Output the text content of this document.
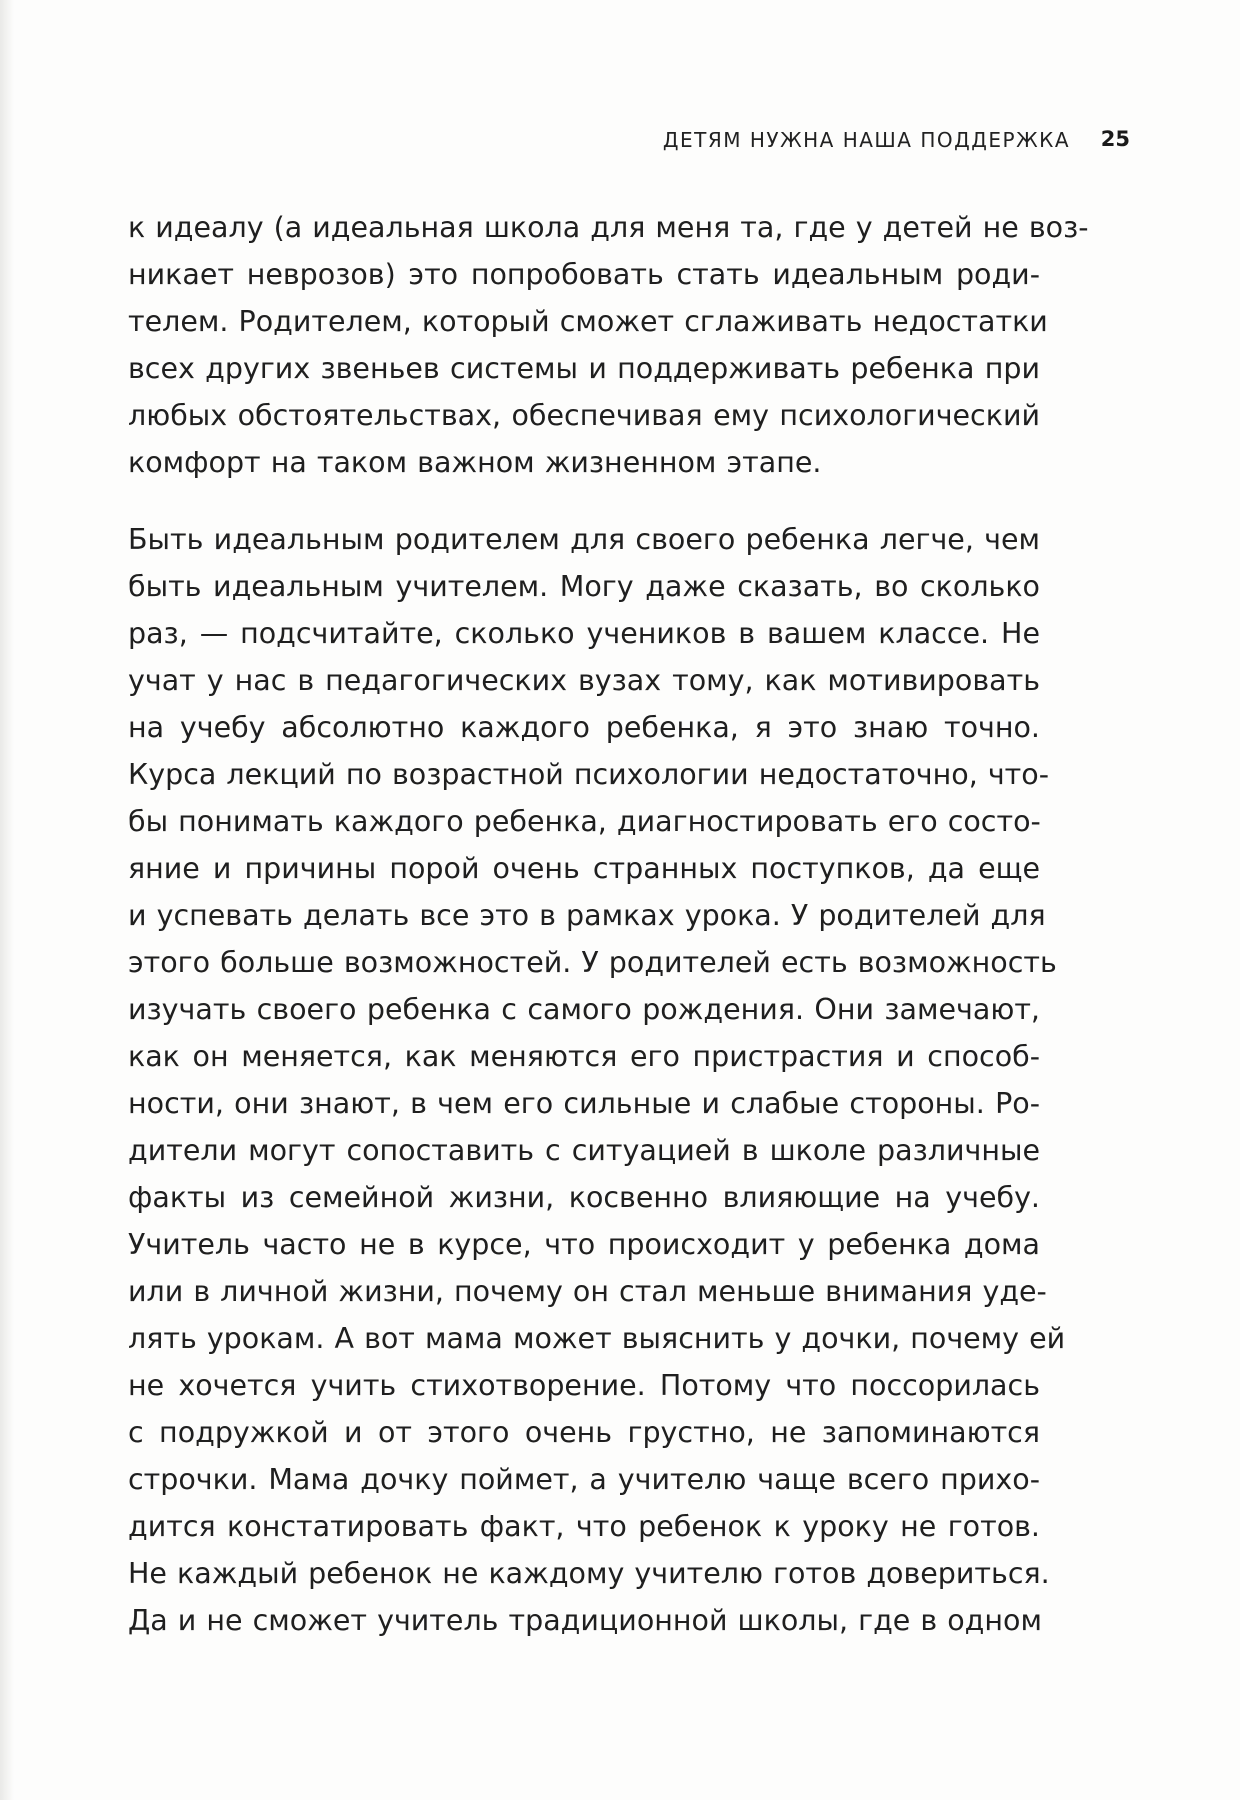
ДЕТЯМ НУЖНА НАША ПОДДЕРЖКА 25
к идеалу (а идеальная школа для меня та, где у детей не воз-
никает неврозов) это попробовать стать идеальным роди-
телем. Родителем, который сможет сглаживать недостатки
всех других звеньев системы и поддерживать ребенка при
любых обстоятельствах, обеспечивая ему психологический
комфорт на таком важном жизненном этапе.
Быть идеальным родителем для своего ребенка легче, чем
быть идеальным учителем. Могу даже сказать, во сколько
раз, — подсчитайте, сколько учеников в вашем классе. Не
учат у нас в педагогических вузах тому, как мотивировать
на учебу абсолютно каждого ребенка, я это знаю точно.
Курса лекций по возрастной психологии недостаточно, что-
бы понимать каждого ребенка, диагностировать его состо-
яние и причины порой очень странных поступков, да еще
и успевать делать все это в рамках урока. У родителей для
этого больше возможностей. У родителей есть возможность
изучать своего ребенка с самого рождения. Они замечают,
как он меняется, как меняются его пристрастия и способ-
ности, они знают, в чем его сильные и слабые стороны. Ро-
дители могут сопоставить с ситуацией в школе различные
факты из семейной жизни, косвенно влияющие на учебу.
Учитель часто не в курсе, что происходит у ребенка дома
или в личной жизни, почему он стал меньше внимания уде-
лять урокам. А вот мама может выяснить у дочки, почему ей
не хочется учить стихотворение. Потому что поссорилась
с подружкой и от этого очень грустно, не запоминаются
строчки. Мама дочку поймет, а учителю чаще всего прихо-
дится констатировать факт, что ребенок к уроку не готов.
Не каждый ребенок не каждому учителю готов довериться.
Да и не сможет учитель традиционной школы, где в одном
